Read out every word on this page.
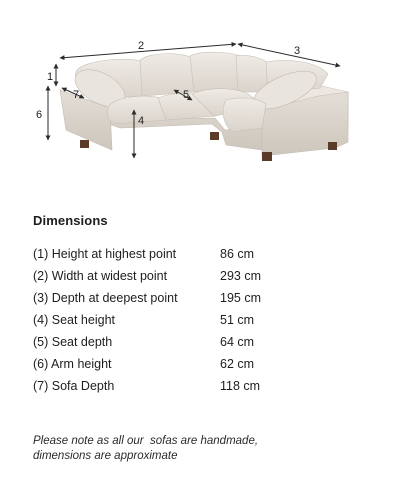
2	3
1
6
7	5
4
Dimensions
(1) Height at highest point	86 cm
(2) Width at widest point	293 cm
(3) Depth at deepest point	195 cm
(4) Seat height	51 cm
(5) Seat depth	64 cm
(6) Arm height	62 cm
(7) Sofa Depth	118 cm
Please note as all our  sofas are handmade,
dimensions are approximate
